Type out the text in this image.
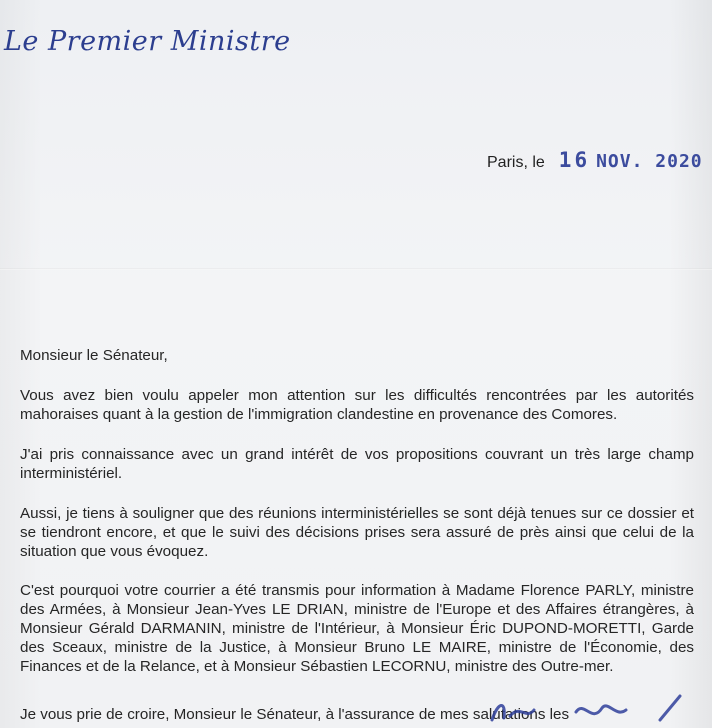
Le Premier Ministre
Paris, le 16 NOV. 2020
Monsieur le Sénateur,
Vous avez bien voulu appeler mon attention sur les difficultés rencontrées par les autorités mahoraises quant à la gestion de l'immigration clandestine en provenance des Comores.
J'ai pris connaissance avec un grand intérêt de vos propositions couvrant un très large champ interministériel.
Aussi, je tiens à souligner que des réunions interministérielles se sont déjà tenues sur ce dossier et se tiendront encore, et que le suivi des décisions prises sera assuré de près ainsi que celui de la situation que vous évoquez.
C'est pourquoi votre courrier a été transmis pour information à Madame Florence PARLY, ministre des Armées, à Monsieur Jean-Yves LE DRIAN, ministre de l'Europe et des Affaires étrangères, à Monsieur Gérald DARMANIN, ministre de l'Intérieur, à Monsieur Éric DUPOND-MORETTI, Garde des Sceaux, ministre de la Justice, à Monsieur Bruno LE MAIRE, ministre de l'Économie, des Finances et de la Relance, et à Monsieur Sébastien LECORNU, ministre des Outre-mer.
Je vous prie de croire, Monsieur le Sénateur, à l'assurance de mes salutations les
